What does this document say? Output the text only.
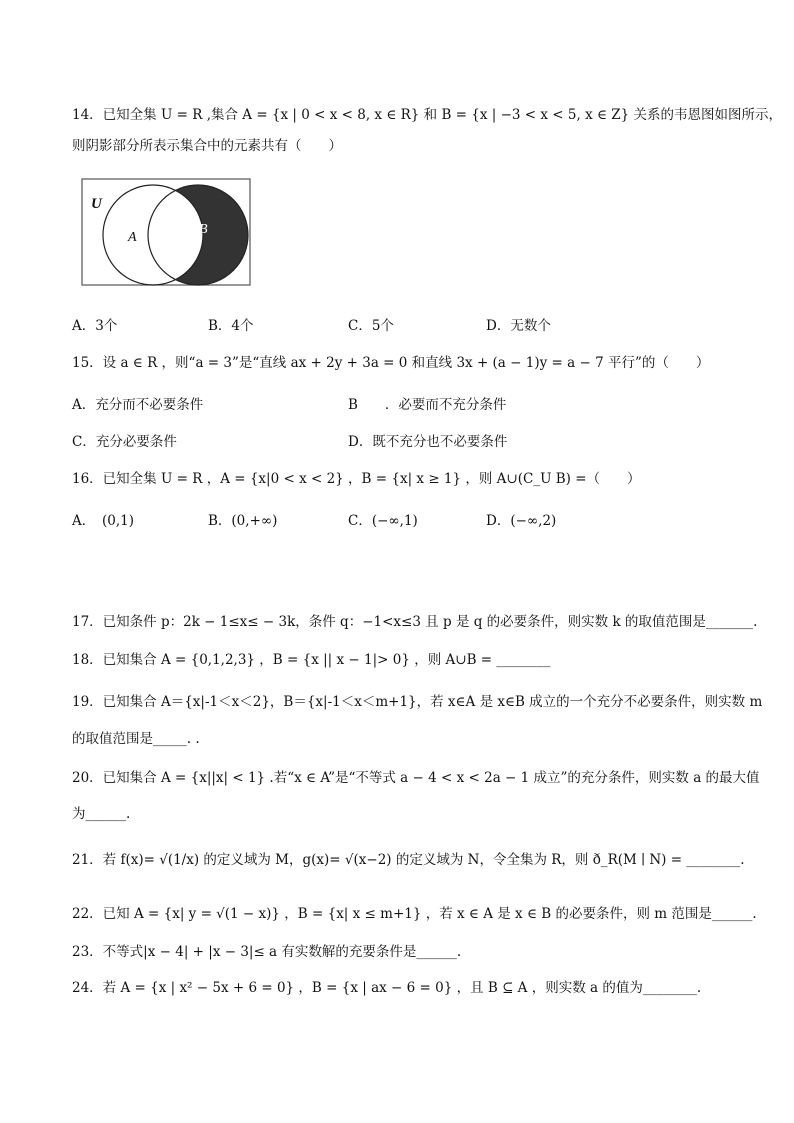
14．已知全集 U = R ,集合 A = {x | 0 < x < 8, x ∈ R} 和 B = {x | −3 < x < 5, x ∈ Z} 关系的韦恩图如图所示，
则阴影部分所表示集合中的元素共有（　　）
U
A
B
A．3个	B．4个	C．5个	D．无数个
15．设 a ∈ R ，则“a = 3”是“直线 ax + 2y + 3a = 0 和直线 3x + (a − 1)y = a − 7 平行”的（　　）
A．充分而不必要条件	B　　．必要而不充分条件
C．充分必要条件	D．既不充分也不必要条件
16．已知全集 U = R ，A = {x|0 < x < 2} ，B = {x| x ≥ 1} ，则 A∪(C_U B) =（　　）
A．　(0,1)	B．(0,+∞)	C．(−∞,1)	D．(−∞,2)
17．已知条件 p：2k − 1≤x≤ − 3k，条件 q：−1<x≤3 且 p 是 q 的必要条件，则实数 k 的取值范围是_______.
18．已知集合 A = {0,1,2,3} ，B = {x || x − 1|> 0} ，则 A∪B = ________
19．已知集合 A＝{x|-1＜x＜2}，B＝{x|-1＜x＜m+1}，若 x∈A 是 x∈B 成立的一个充分不必要条件，则实数 m
的取值范围是_____. .
20．已知集合 A = {x||x| < 1} .若“x ∈ A”是“不等式 a − 4 < x < 2a − 1 成立”的充分条件，则实数 a 的最大值
为______.
21．若 f(x)= √(1/x) 的定义域为 M，g(x)= √(x−2) 的定义域为 N，令全集为 R，则 ð_R(M ∣ N) = ________.
22．已知 A = {x| y = √(1 − x)} ，B = {x| x ≤ m+1} ，若 x ∈ A 是 x ∈ B 的必要条件，则 m 范围是______.
23．不等式|x − 4| + |x − 3|≤ a 有实数解的充要条件是______.
24．若 A = {x | x² − 5x + 6 = 0} ，B = {x | ax − 6 = 0} ，且 B ⊆ A ，则实数 a 的值为________.
